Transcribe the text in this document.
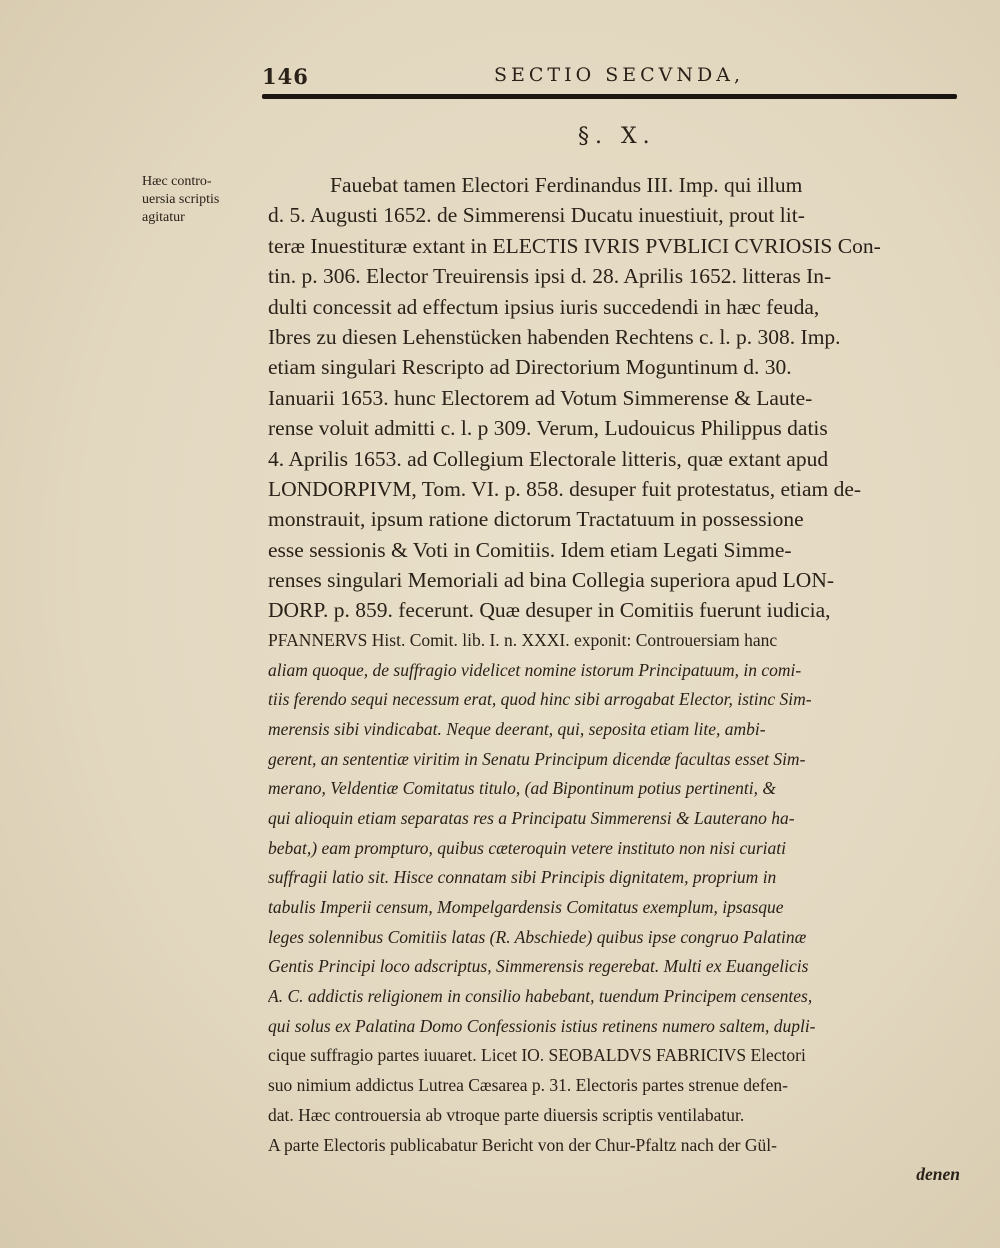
146	SECTIO SECVNDA,
§. X.
Hæc contro-
uersia scriptis
agitatur
Fauebat tamen Electori Ferdinandus III. Imp. qui illum
d. 5. Augusti 1652. de Simmerensi Ducatu inuestiuit, prout lit-
teræ Inuestituræ extant in ELECTIS IVRIS PVBLICI CVRIOSIS Con-
tin. p. 306. Elector Treuirensis ipsi d. 28. Aprilis 1652. litteras In-
dulti concessit ad effectum ipsius iuris succedendi in hæc feuda,
Ibres zu diesen Lehenstücken habenden Rechtens c. l. p. 308. Imp.
etiam singulari Rescripto ad Directorium Moguntinum d. 30.
Ianuarii 1653. hunc Electorem ad Votum Simmerense & Laute-
rense voluit admitti c. l. p 309. Verum, Ludouicus Philippus datis
4. Aprilis 1653. ad Collegium Electorale litteris, quæ extant apud
LONDORPIVM, Tom. VI. p. 858. desuper fuit protestatus, etiam de-
monstrauit, ipsum ratione dictorum Tractatuum in possessione
esse sessionis & Voti in Comitiis. Idem etiam Legati Simme-
renses singulari Memoriali ad bina Collegia superiora apud LON-
DORP. p. 859. fecerunt. Quæ desuper in Comitiis fuerunt iudicia,
PFANNERVS Hist. Comit. lib. I. n. XXXI. exponit: Controuersiam hanc
aliam quoque, de suffragio videlicet nomine istorum Principatuum, in comi-
tiis ferendo sequi necessum erat, quod hinc sibi arrogabat Elector, istinc Sim-
merensis sibi vindicabat. Neque deerant, qui, seposita etiam lite, ambi-
gerent, an sententiæ viritim in Senatu Principum dicendæ facultas esset Sim-
merano, Veldentiæ Comitatus titulo, (ad Bipontinum potius pertinenti, &
qui alioquin etiam separatas res a Principatu Simmerensi & Lauterano ha-
bebat,) eam prompturo, quibus cæteroquin vetere instituto non nisi curiati
suffragii latio sit. Hisce connatam sibi Principis dignitatem, proprium in
tabulis Imperii censum, Mompelgardensis Comitatus exemplum, ipsasque
leges solennibus Comitiis latas (R. Abschiede) quibus ipse congruo Palatinæ
Gentis Principi loco adscriptus, Simmerensis regerebat. Multi ex Euangelicis
A. C. addictis religionem in consilio habebant, tuendum Principem censentes,
qui solus ex Palatina Domo Confessionis istius retinens numero saltem, dupli-
cique suffragio partes iuuaret. Licet IO. SEOBALDVS FABRICIVS Electori
suo nimium addictus Lutrea Cæsarea p. 31. Electoris partes strenue defen-
dat. Hæc controuersia ab vtroque parte diuersis scriptis ventilabatur.
A parte Electoris publicabatur Bericht von der Chur-Pfaltz nach der Gül-
denen
